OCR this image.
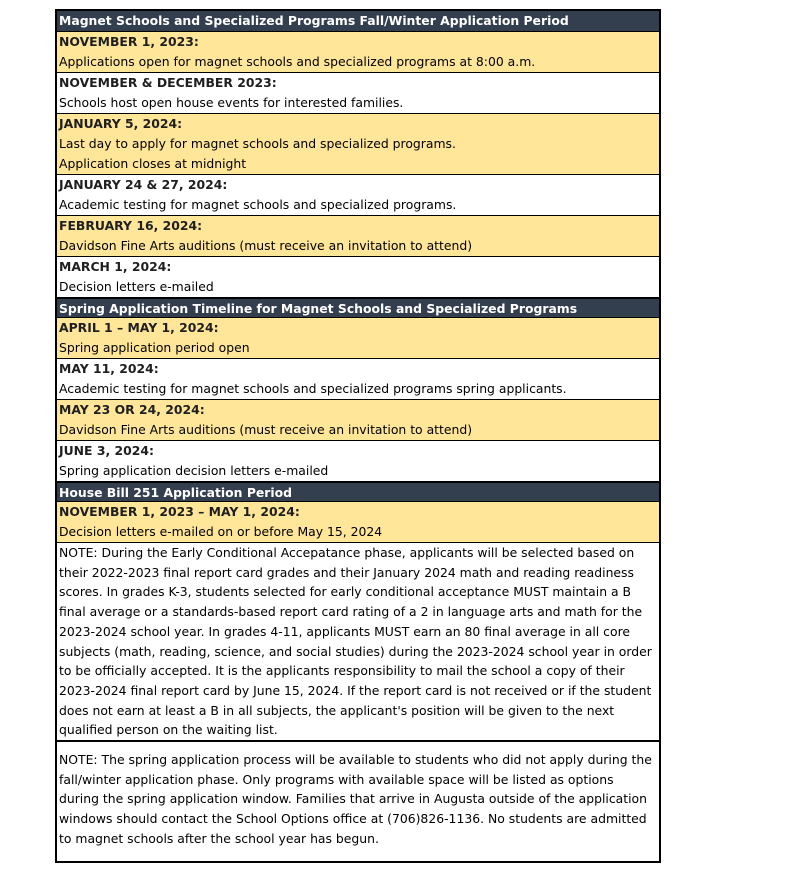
Magnet Schools and Specialized Programs Fall/Winter Application Period
NOVEMBER 1, 2023:
Applications open for magnet schools and specialized programs at 8:00 a.m.
NOVEMBER & DECEMBER 2023:
Schools host open house events for interested families.
JANUARY 5, 2024:
Last day to apply for magnet schools and specialized programs.
Application closes at midnight
JANUARY 24 & 27, 2024:
Academic testing for magnet schools and specialized programs.
FEBRUARY 16, 2024:
Davidson Fine Arts auditions (must receive an invitation to attend)
MARCH 1, 2024:
Decision letters e-mailed
Spring Application Timeline for Magnet Schools and Specialized Programs
APRIL 1 – MAY 1, 2024:
Spring application period open
MAY 11, 2024:
Academic testing for magnet schools and specialized programs spring applicants.
MAY 23 OR 24, 2024:
Davidson Fine Arts auditions (must receive an invitation to attend)
JUNE 3, 2024:
Spring application decision letters e-mailed
House Bill 251 Application Period
NOVEMBER 1, 2023 – MAY 1, 2024:
Decision letters e-mailed on or before May 15, 2024
NOTE: During the Early Conditional Accepatance phase, applicants will be selected based on their 2022-2023 final report card grades and their January 2024 math and reading readiness scores. In grades K-3, students selected for early conditional acceptance MUST maintain a B final average or a standards-based report card rating of a 2 in language arts and math for the 2023-2024 school year. In grades 4-11, applicants MUST earn an 80 final average in all core subjects (math, reading, science, and social studies) during the 2023-2024 school year in order to be officially accepted. It is the applicants responsibility to mail the school a copy of their 2023-2024 final report card by June 15, 2024. If the report card is not received or if the student does not earn at least a B in all subjects, the applicant's position will be given to the next qualified person on the waiting list.
NOTE: The spring application process will be available to students who did not apply during the fall/winter application phase. Only programs with available space will be listed as options during the spring application window. Families that arrive in Augusta outside of the application windows should contact the School Options office at (706)826-1136. No students are admitted to magnet schools after the school year has begun.
